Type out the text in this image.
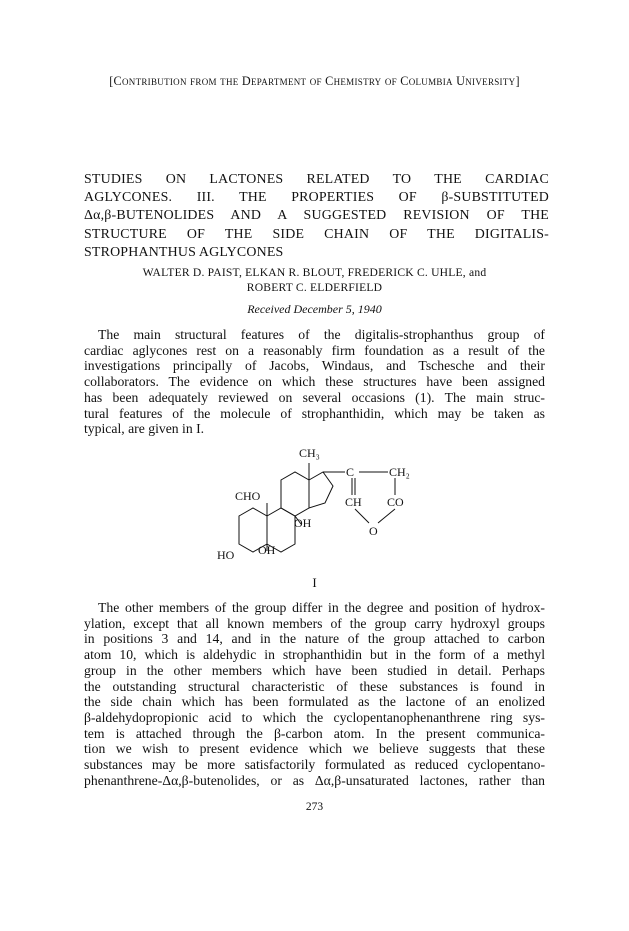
[Contribution from the Department of Chemistry of Columbia University]
STUDIES ON LACTONES RELATED TO THE CARDIAC
AGLYCONES. III. THE PROPERTIES OF β-SUBSTITUTED
Δα,β-BUTENOLIDES AND A SUGGESTED REVISION OF THE
STRUCTURE OF THE SIDE CHAIN OF THE DIGITALIS-
STROPHANTHUS AGLYCONES
WALTER D. PAIST, ELKAN R. BLOUT, FREDERICK C. UHLE, and
ROBERT C. ELDERFIELD
Received December 5, 1940
The main structural features of the digitalis-strophanthus group of
cardiac aglycones rest on a reasonably firm foundation as a result of the
investigations principally of Jacobs, Windaus, and Tschesche and their
collaborators. The evidence on which these structures have been assigned
has been adequately reviewed on several occasions (1). The main struc-
tural features of the molecule of strophanthidin, which may be taken as
typical, are given in I.
CH₃
C	CH₂
CHO	CH CO
O
OH
OH
HO
I
The other members of the group differ in the degree and position of hydrox-
ylation, except that all known members of the group carry hydroxyl groups
in positions 3 and 14, and in the nature of the group attached to carbon
atom 10, which is aldehydic in strophanthidin but in the form of a methyl
group in the other members which have been studied in detail. Perhaps
the outstanding structural characteristic of these substances is found in
the side chain which has been formulated as the lactone of an enolized
β-aldehydopropionic acid to which the cyclopentanophenanthrene ring sys-
tem is attached through the β-carbon atom. In the present communica-
tion we wish to present evidence which we believe suggests that these
substances may be more satisfactorily formulated as reduced cyclopentano-
phenanthrene-Δα,β-butenolides, or as Δα,β-unsaturated lactones, rather than
273
